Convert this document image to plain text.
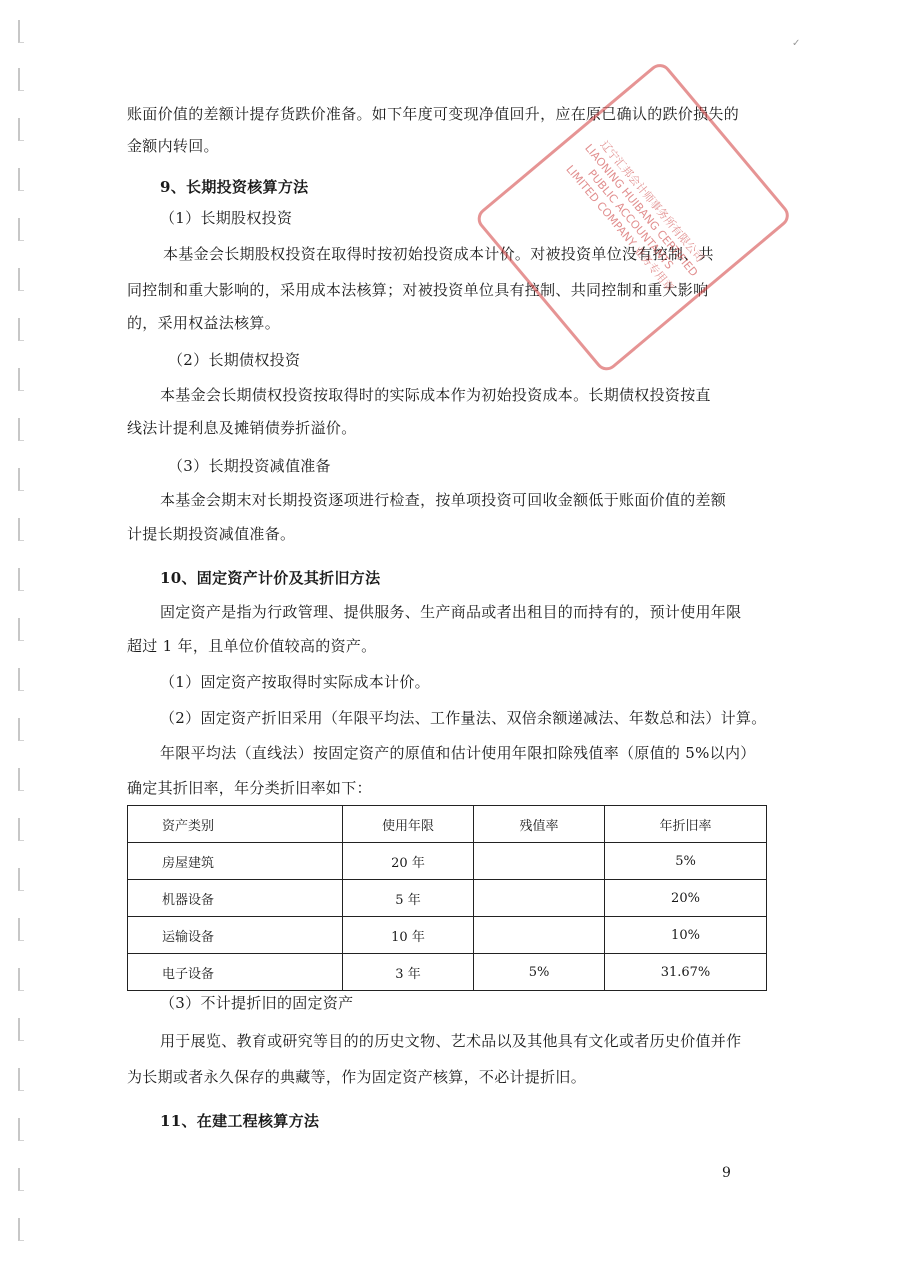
✓
账面价值的差额计提存货跌价准备。如下年度可变现净值回升，应在原已确认的跌价损失的
金额内转回。
9、长期投资核算方法
（1）长期股权投资
本基金会长期股权投资在取得时按初始投资成本计价。对被投资单位没有控制、共
同控制和重大影响的，采用成本法核算；对被投资单位具有控制、共同控制和重大影响
的，采用权益法核算。
（2）长期债权投资
本基金会长期债权投资按取得时的实际成本作为初始投资成本。长期债权投资按直
线法计提利息及摊销债券折溢价。
（3）长期投资减值准备
本基金会期末对长期投资逐项进行检查，按单项投资可回收金额低于账面价值的差额
计提长期投资减值准备。
10、固定资产计价及其折旧方法
固定资产是指为行政管理、提供服务、生产商品或者出租目的而持有的，预计使用年限
超过 1 年，且单位价值较高的资产。
（1）固定资产按取得时实际成本计价。
（2）固定资产折旧采用（年限平均法、工作量法、双倍余额递减法、年数总和法）计算。
年限平均法（直线法）按固定资产的原值和估计使用年限扣除残值率（原值的 5%以内）
确定其折旧率，年分类折旧率如下：
资产类别	使用年限	残值率	年折旧率
房屋建筑	20 年		5%
机器设备	5 年		20%
运输设备	10 年		10%
电子设备	3 年	5%	31.67%
（3）不计提折旧的固定资产
用于展览、教育或研究等目的的历史文物、艺术品以及其他具有文化或者历史价值并作
为长期或者永久保存的典藏等，作为固定资产核算，不必计提折旧。
11、在建工程核算方法
9
辽宁汇邦会计师事务所有限公司 LIAONING HUIBANG CERTIFIED PUBLIC ACCOUNTANTS LIMITED COMPANY 业务专用章
